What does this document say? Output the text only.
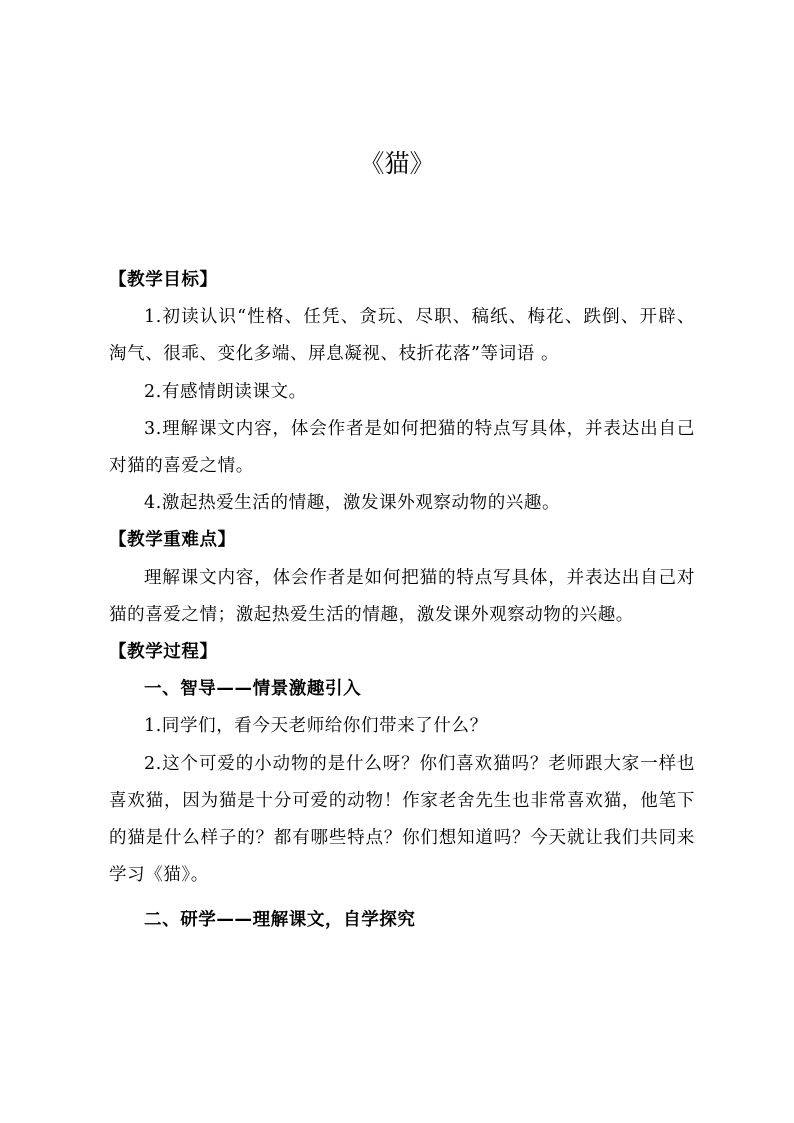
《猫》

【教学目标】

1.初读认识“性格、任凭、贪玩、尽职、稿纸、梅花、跌倒、开辟、淘气、很乖、变化多端、屏息凝视、枝折花落”等词语 。

2.有感情朗读课文。

3.理解课文内容，体会作者是如何把猫的特点写具体，并表达出自己对猫的喜爱之情。

4.激起热爱生活的情趣，激发课外观察动物的兴趣。

【教学重难点】

理解课文内容，体会作者是如何把猫的特点写具体，并表达出自己对猫的喜爱之情；激起热爱生活的情趣，激发课外观察动物的兴趣。

【教学过程】

一、智导——情景激趣引入

1.同学们，看今天老师给你们带来了什么？

2.这个可爱的小动物的是什么呀？你们喜欢猫吗？老师跟大家一样也喜欢猫，因为猫是十分可爱的动物！作家老舍先生也非常喜欢猫，他笔下的猫是什么样子的？都有哪些特点？你们想知道吗？今天就让我们共同来学习《猫》。

二、研学——理解课文，自学探究
